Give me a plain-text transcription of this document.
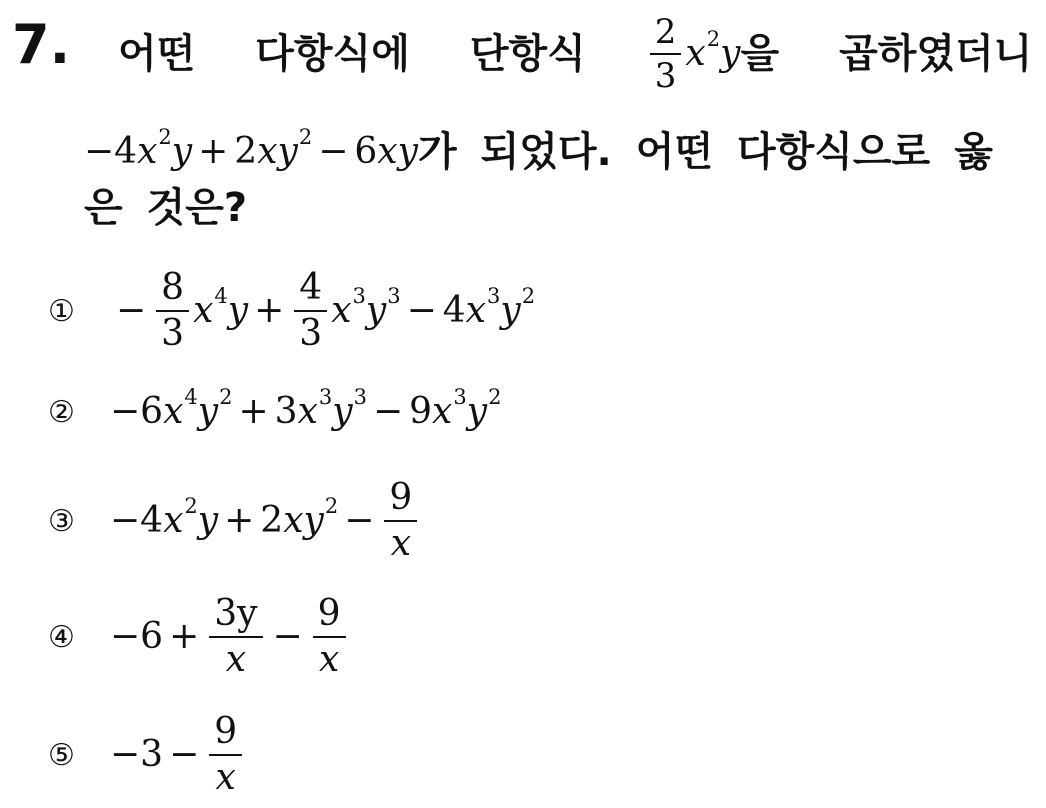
7. 어떤 다항식에 단항식 $\frac{2}{3} x^2$ y 을 곱하였더니
−4 $x^2$ y + 2 x $y^2 - 6$ x y 가 되었다. 어떤 다항식으로 옳
은 것은?
①	− $\frac{8}{3} x^4$ $y + \frac{4}{3} x^3$ $y^3 - 4$ $x^3$ $y^2$
② −6 $x^4$ $y^2 + 3$ $x^3$ $y^3 - 9$ $x^3$ $y^2$
③ −4 $x^2$ y + 2 x $y^2 - \frac{9}{x}$
④ $-6 + \frac{3y}{x} - \frac{9}{x}$
⑤ $-3 - \frac{9}{x}$
